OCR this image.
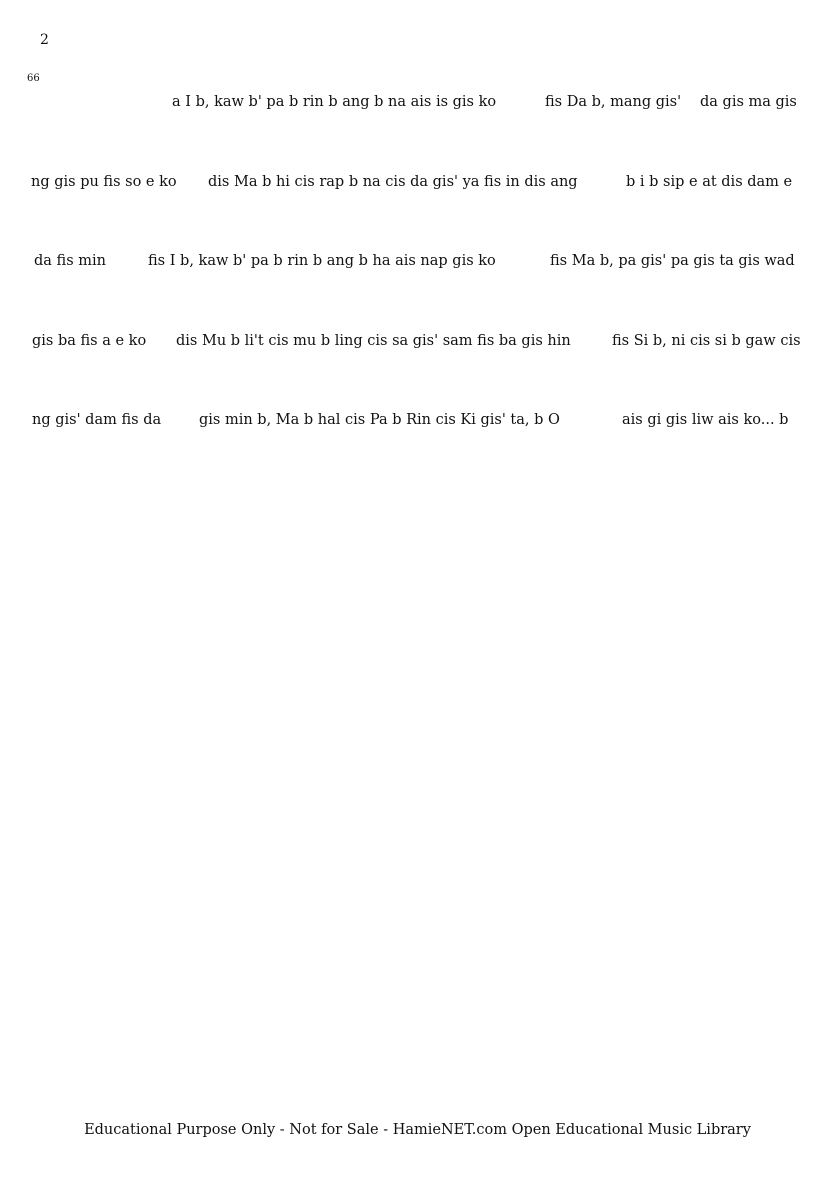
2
66
a I b, kaw b' pa b rin b ang b na ais is gis ko	fis Da b, mang gis' da gis ma gis
ng gis pu fis so e ko dis Ma b hi cis rap b na cis da gis' ya fis in dis ang	b i b sip e at dis dam e
da fis min	fis I b, kaw b' pa b rin b ang b ha ais nap gis ko	fis Ma b, pa gis' pa gis ta gis wad
gis ba fis a e ko dis Mu b li't cis mu b ling cis sa gis' sam fis ba gis hin	fis Si b, ni cis si b gaw cis
ng gis' dam fis da	gis min b, Ma b hal cis Pa b Rin cis Ki gis' ta, b O	ais gi gis liw ais ko... b
Educational Purpose Only - Not for Sale - HamieNET.com Open Educational Music Library
